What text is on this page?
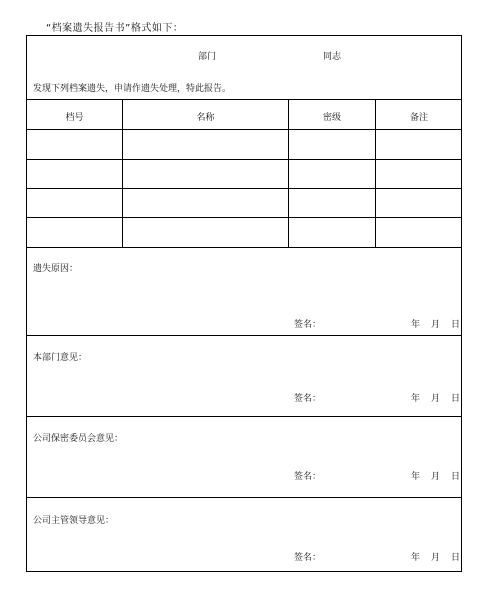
“档案遗失报告书”格式如下：
部门	同志
发现下列档案遗失，申请作遗失处理，特此报告。
档号	名称	密级	备注
遗失原因：
签名：	年 月 日
本部门意见：
签名：	年 月 日
公司保密委员会意见：
签名：	年 月 日
公司主管领导意见：
签名：	年 月 日
